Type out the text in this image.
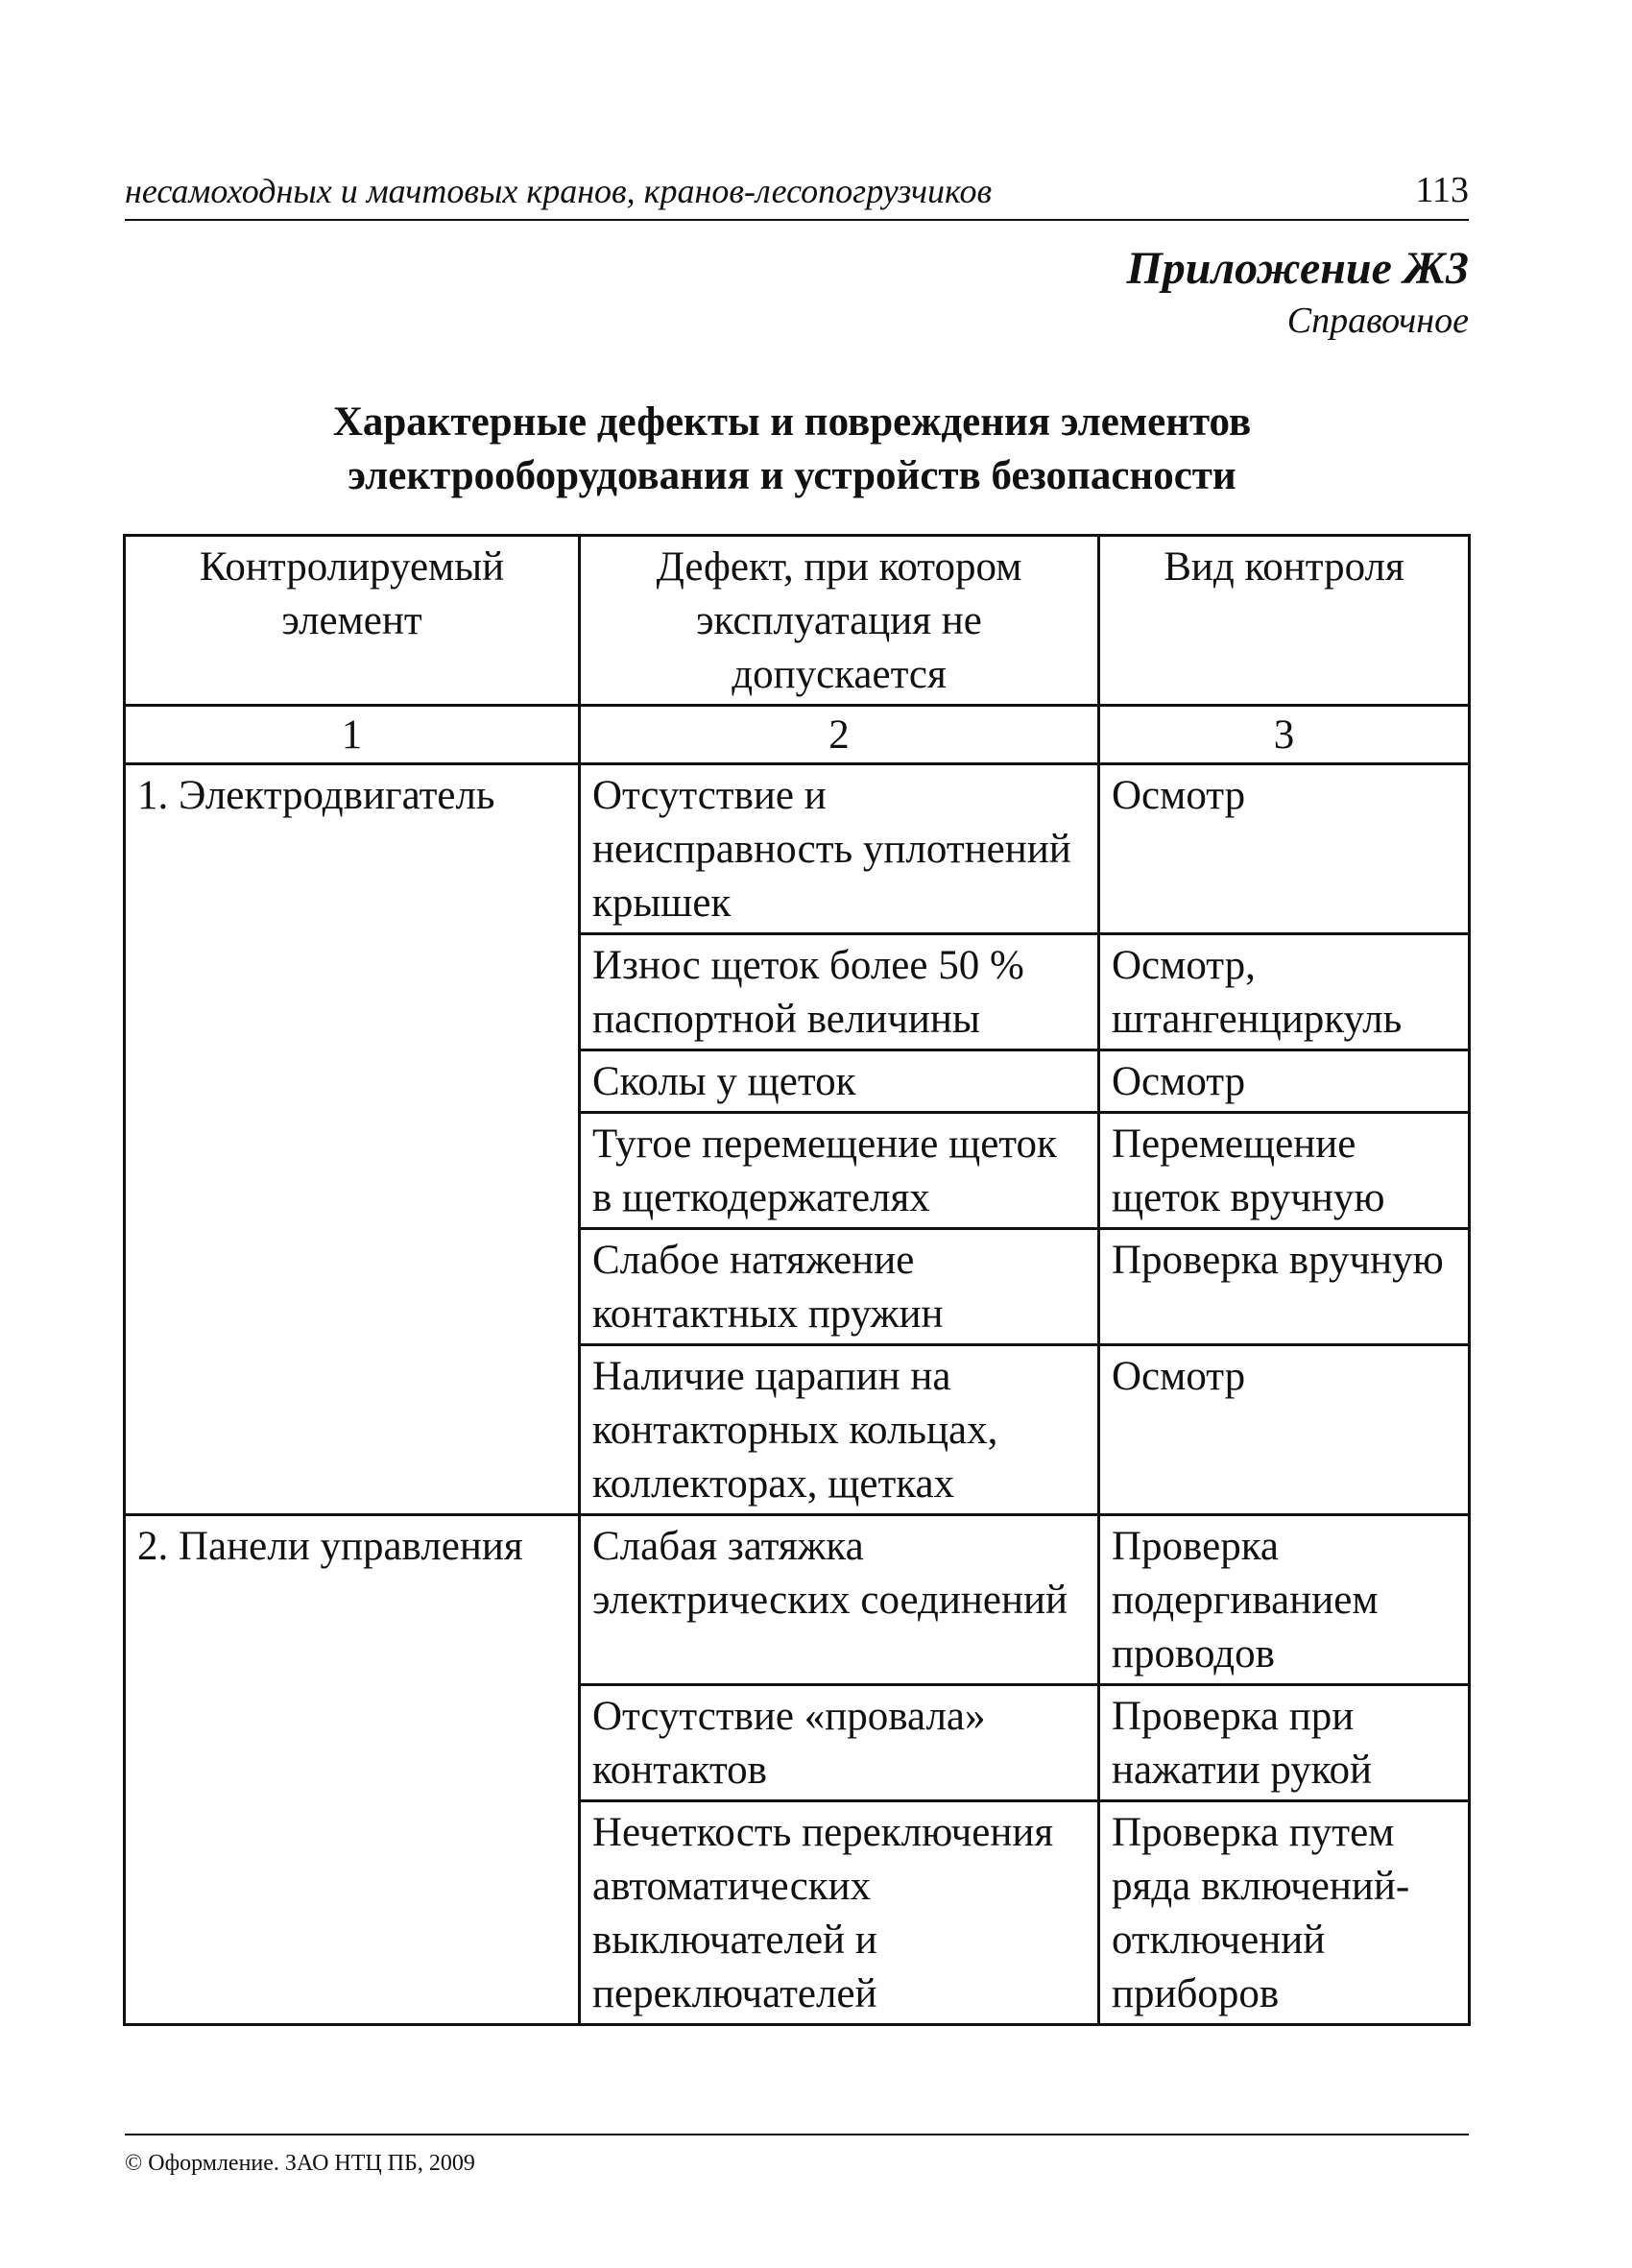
несамоходных и мачтовых кранов, кранов-лесопогрузчиков	113
Приложение Ж3
Справочное
Характерные дефекты и повреждения элементов
электрооборудования и устройств безопасности
Контролируемый элемент	Дефект, при котором эксплуатация не допускается	Вид контроля
1	2	3
1. Электродвигатель	Отсутствие и неисправность уплотнений крышек	Осмотр
	Износ щеток более 50 % паспортной величины	Осмотр, штангенциркуль
	Сколы у щеток	Осмотр
	Тугое перемещение щеток в щеткодержателях	Перемещение щеток вручную
	Слабое натяжение контактных пружин	Проверка вручную
	Наличие царапин на контакторных кольцах, коллекторах, щетках	Осмотр
2. Панели управления	Слабая затяжка электрических соединений	Проверка подергиванием проводов
	Отсутствие «провала» контактов	Проверка при нажатии рукой
	Нечеткость переключения автоматических выключателей и переключателей	Проверка путем ряда включений-отключений приборов
© Оформление. ЗАО НТЦ ПБ, 2009
